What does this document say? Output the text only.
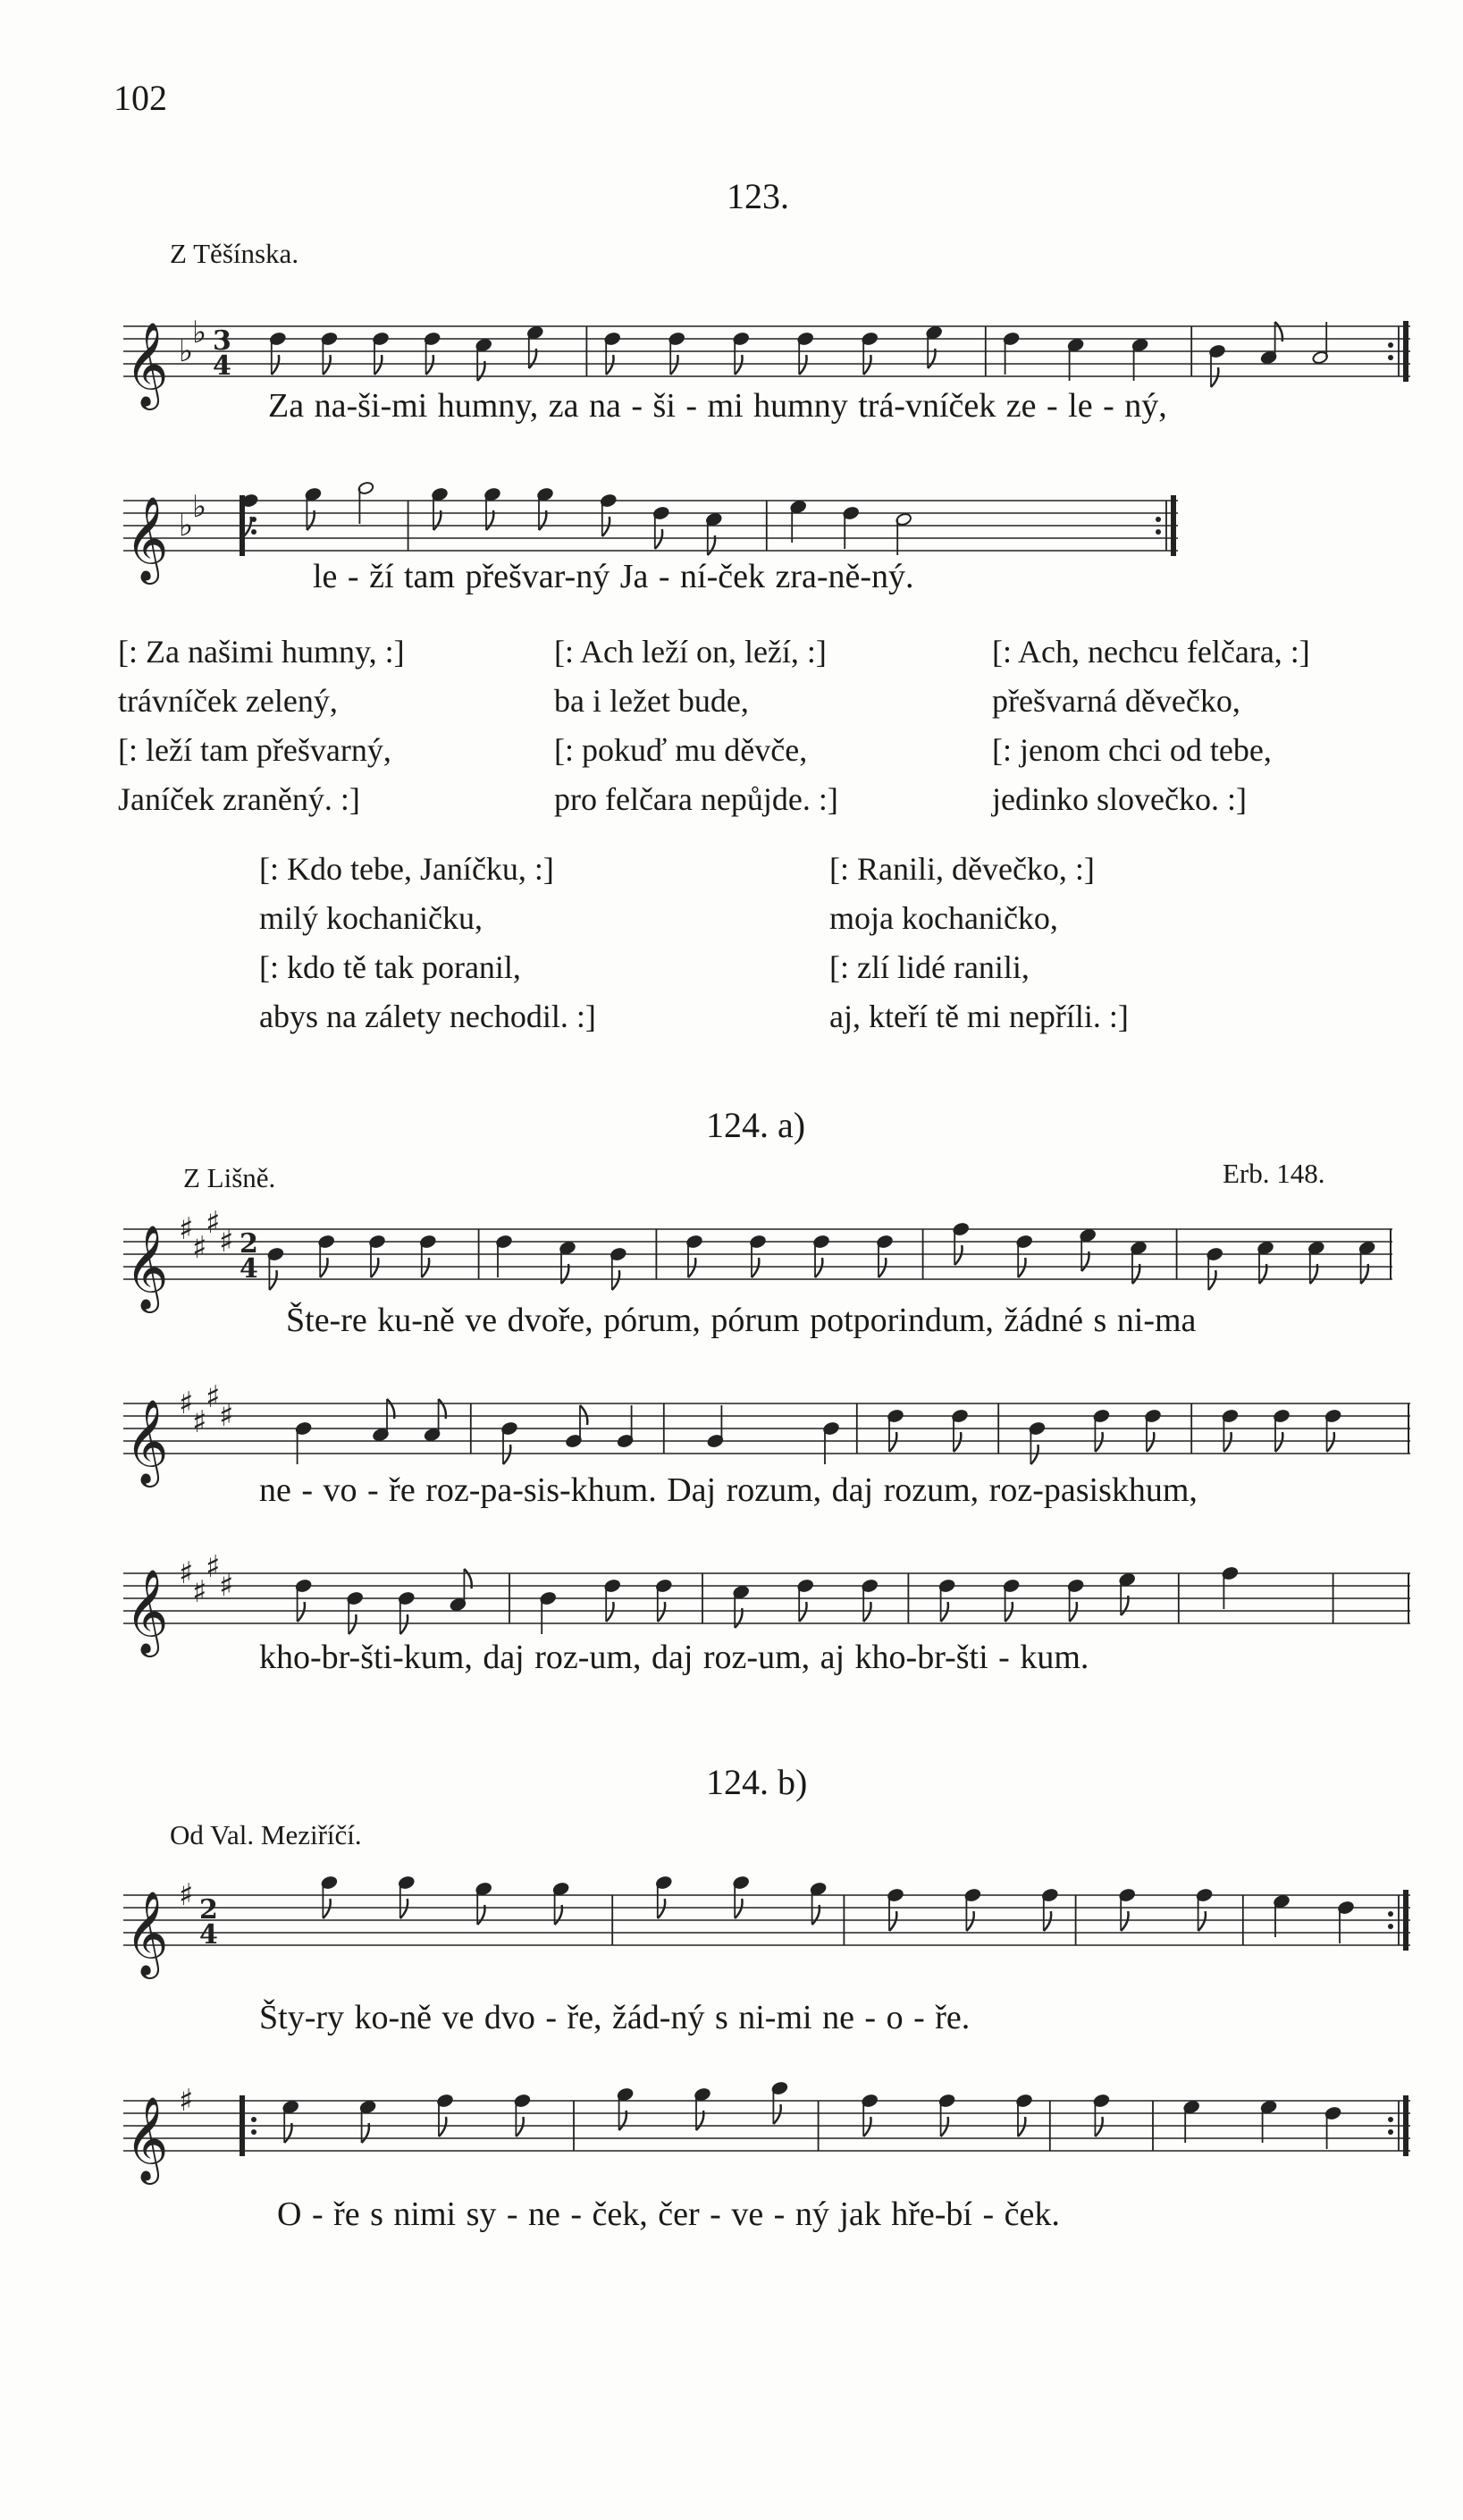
102
123.
Z Těšínska.
𝄞 ♭
♭ 3
4
Za na-ši-mi humny, za na - ši - mi humny trá-vníček ze - le - ný,
𝄞 ♭
♭
le - ží tam přešvar-ný Ja - ní-ček zra-ně-ný.
[: Za našimi humny, :]
trávníček zelený,
[: leží tam přešvarný,
Janíček zraněný. :]
[: Ach leží on, leží, :]
ba i ležet bude,
[: pokuď mu děvče,
pro felčara nepůjde. :]
[: Ach, nechcu felčara, :]
přešvarná děvečko,
[: jenom chci od tebe,
jedinko slovečko. :]
[: Kdo tebe, Janíčku, :]
milý kochaničku,
[: kdo tě tak poranil,
abys na zálety nechodil. :]
[: Ranili, děvečko, :]
moja kochaničko,
[: zlí lidé ranili,
aj, kteří tě mi nepříli. :]
124. a)
Z Lišně.	Erb. 148.
𝄞 ♯
♯
♯
♯ 2
4
Šte-re ku-ně ve dvoře, pórum, pórum potporindum, žádné s ni-ma
𝄞 ♯
♯
♯
♯
ne - vo - ře roz-pa-sis-khum. Daj rozum, daj rozum, roz-pasiskhum,
𝄞 ♯
♯
♯
♯
kho-br-šti-kum, daj roz-um, daj roz-um, aj kho-br-šti - kum.
124. b)
Od Val. Meziříčí.
𝄞 ♯ 2
4
Šty-ry ko-ně ve dvo - ře, žád-ný s ni-mi ne - o - ře.
𝄞 ♯
O - ře s nimi sy - ne - ček, čer - ve - ný jak hře-bí - ček.
